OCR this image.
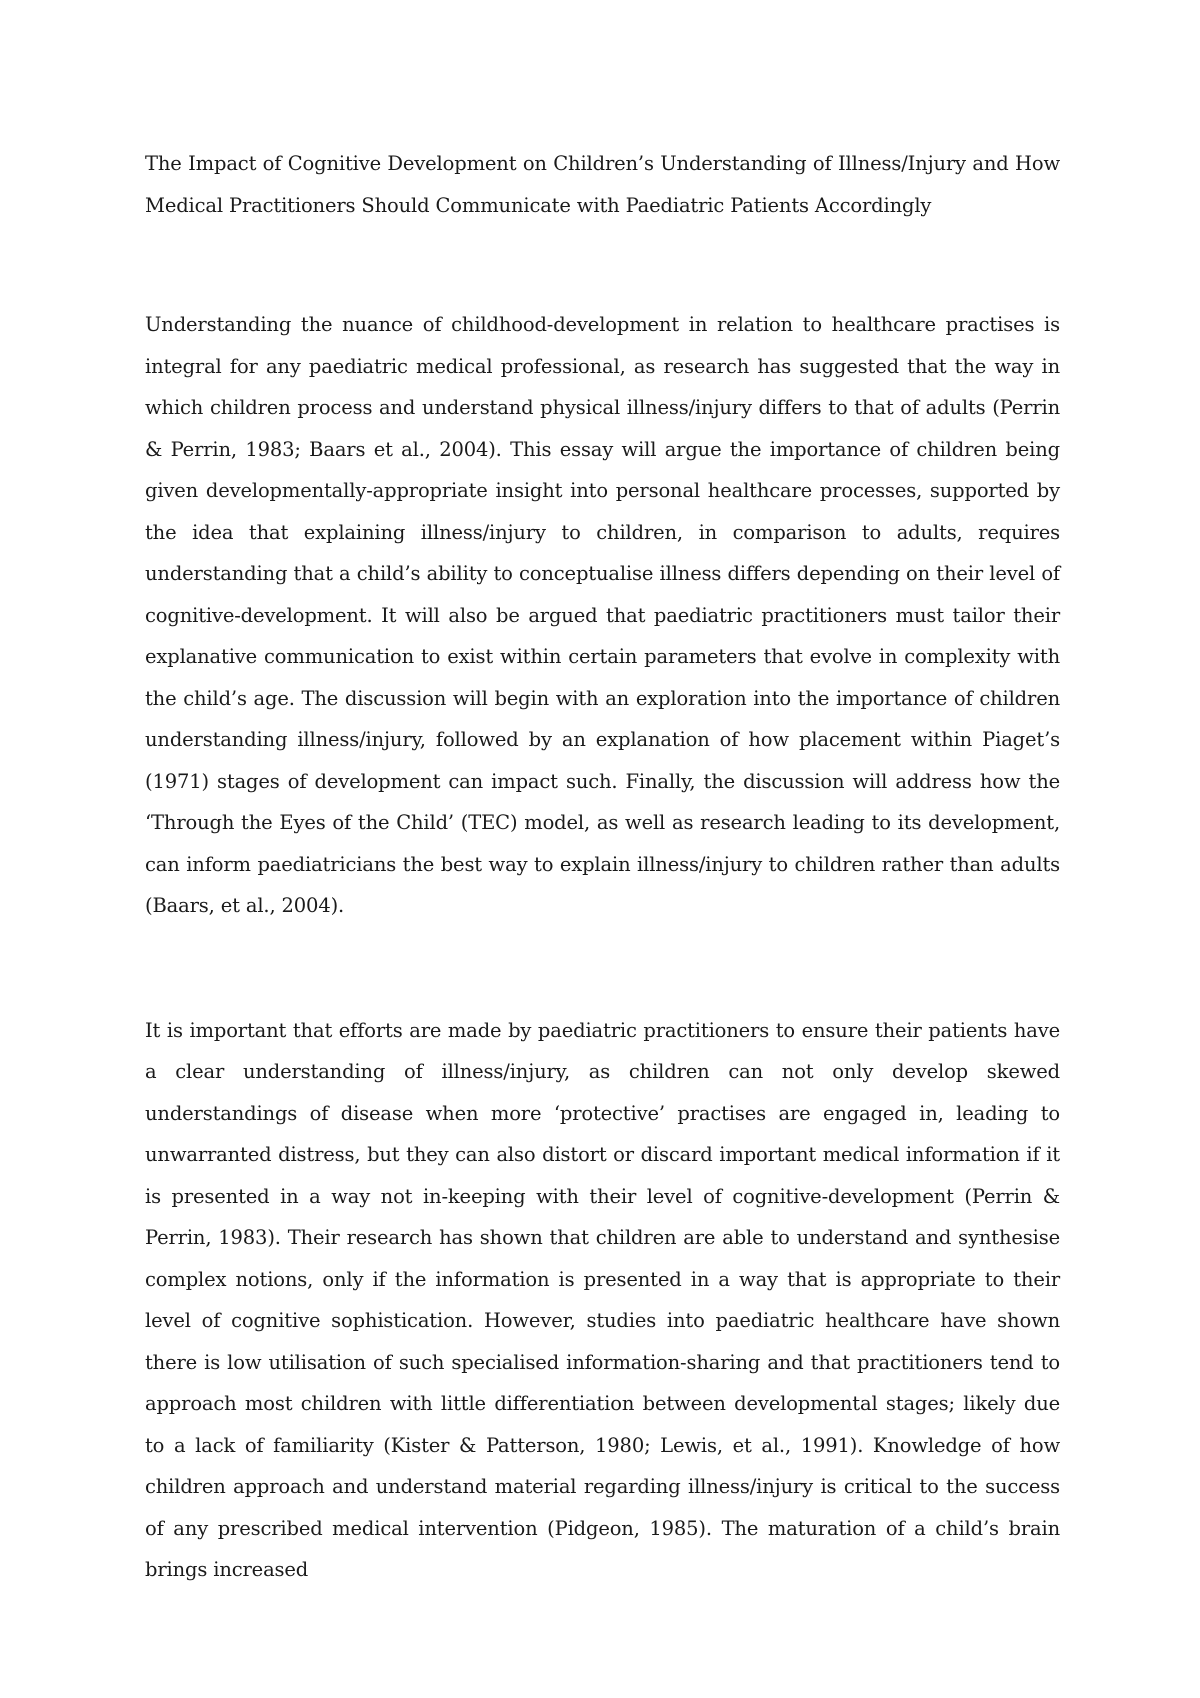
The Impact of Cognitive Development on Children’s Understanding of Illness/Injury and How Medical Practitioners Should Communicate with Paediatric Patients Accordingly

Understanding the nuance of childhood-development in relation to healthcare practises is integral for any paediatric medical professional, as research has suggested that the way in which children process and understand physical illness/injury differs to that of adults (Perrin & Perrin, 1983; Baars et al., 2004). This essay will argue the importance of children being given developmentally-appropriate insight into personal healthcare processes, supported by the idea that explaining illness/injury to children, in comparison to adults, requires understanding that a child’s ability to conceptualise illness differs depending on their level of cognitive-development. It will also be argued that paediatric practitioners must tailor their explanative communication to exist within certain parameters that evolve in complexity with the child’s age. The discussion will begin with an exploration into the importance of children understanding illness/injury, followed by an explanation of how placement within Piaget’s (1971) stages of development can impact such. Finally, the discussion will address how the ‘Through the Eyes of the Child’ (TEC) model, as well as research leading to its development, can inform paediatricians the best way to explain illness/injury to children rather than adults (Baars, et al., 2004).

It is important that efforts are made by paediatric practitioners to ensure their patients have a clear understanding of illness/injury, as children can not only develop skewed understandings of disease when more ‘protective’ practises are engaged in, leading to unwarranted distress, but they can also distort or discard important medical information if it is presented in a way not in-keeping with their level of cognitive-development (Perrin & Perrin, 1983). Their research has shown that children are able to understand and synthesise complex notions, only if the information is presented in a way that is appropriate to their level of cognitive sophistication. However, studies into paediatric healthcare have shown there is low utilisation of such specialised information-sharing and that practitioners tend to approach most children with little differentiation between developmental stages; likely due to a lack of familiarity (Kister & Patterson, 1980; Lewis, et al., 1991). Knowledge of how children approach and understand material regarding illness/injury is critical to the success of any prescribed medical intervention (Pidgeon, 1985). The maturation of a child’s brain brings increased
